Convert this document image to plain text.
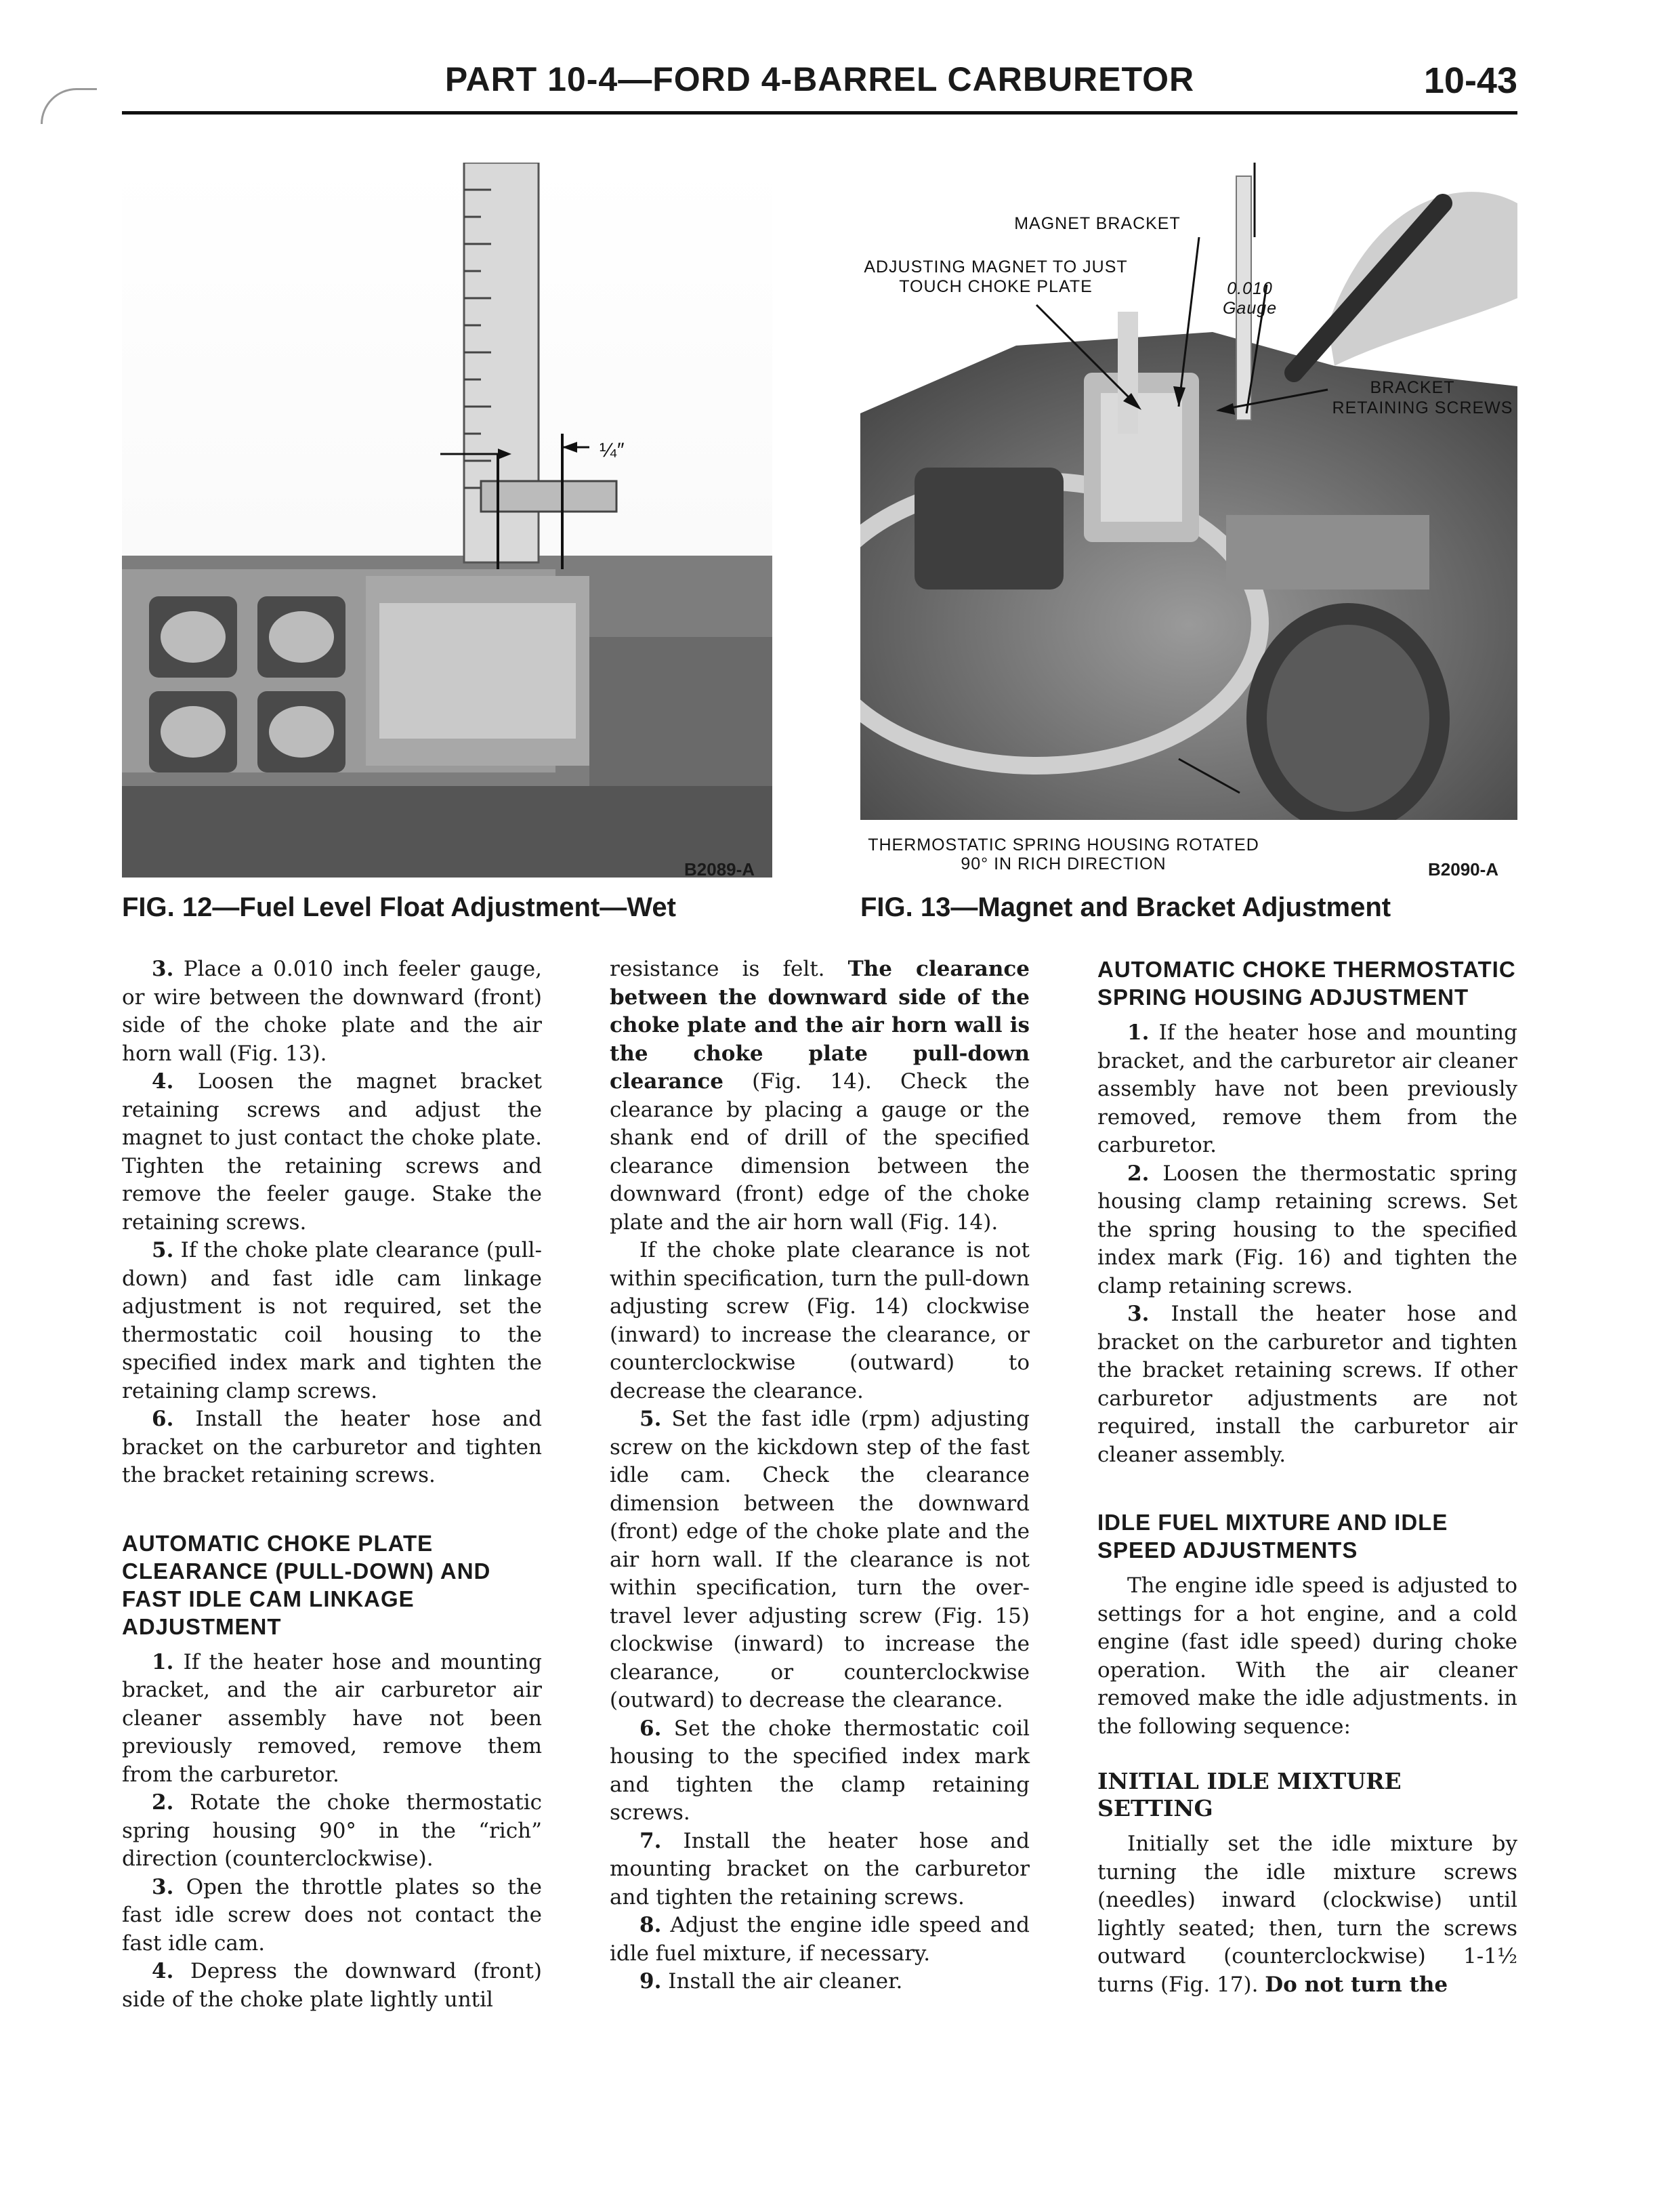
PART 10-4—FORD 4-BARREL CARBURETOR	10-43
¼″
B2089-A
FIG. 12—Fuel Level Float Adjustment—Wet
MAGNET BRACKET
ADJUSTING MAGNET TO JUST TOUCH CHOKE PLATE	0.010
Gauge
BRACKET
RETAINING SCREWS
THERMOSTATIC SPRING HOUSING ROTATED
90° IN RICH DIRECTION	B2090-A
FIG. 13—Magnet and Bracket Adjustment

3. Place a 0.010 inch feeler gauge, or wire between the downward (front) side of the choke plate and the air horn wall (Fig. 13).

4. Loosen the magnet bracket retaining screws and adjust the magnet to just contact the choke plate. Tighten the retaining screws and remove the feeler gauge. Stake the retaining screws.

5. If the choke plate clearance (pull-down) and fast idle cam linkage adjustment is not required, set the thermostatic coil housing to the specified index mark and tighten the retaining clamp screws.

6. Install the heater hose and bracket on the carburetor and tighten the bracket retaining screws.

AUTOMATIC CHOKE PLATE CLEARANCE (PULL-DOWN) AND FAST IDLE CAM LINKAGE ADJUSTMENT

1. If the heater hose and mounting bracket, and the air carburetor air cleaner assembly have not been previously removed, remove them from the carburetor.

2. Rotate the choke thermostatic spring housing 90° in the “rich” direction (counterclockwise).

3. Open the throttle plates so the fast idle screw does not contact the fast idle cam.

4. Depress the downward (front) side of the choke plate lightly until

resistance is felt. The clearance between the downward side of the choke plate and the air horn wall is the choke plate pull-down clearance (Fig. 14). Check the clearance by placing a gauge or the shank end of drill of the specified clearance dimension between the downward (front) edge of the choke plate and the air horn wall (Fig. 14).

If the choke plate clearance is not within specification, turn the pull-down adjusting screw (Fig. 14) clockwise (inward) to increase the clearance, or counterclockwise (outward) to decrease the clearance.

5. Set the fast idle (rpm) adjusting screw on the kickdown step of the fast idle cam. Check the clearance dimension between the downward (front) edge of the choke plate and the air horn wall. If the clearance is not within specification, turn the over-travel lever adjusting screw (Fig. 15) clockwise (inward) to increase the clearance, or counterclockwise (outward) to decrease the clearance.

6. Set the choke thermostatic coil housing to the specified index mark and tighten the clamp retaining screws.

7. Install the heater hose and mounting bracket on the carburetor and tighten the retaining screws.

8. Adjust the engine idle speed and idle fuel mixture, if necessary.

9. Install the air cleaner.

AUTOMATIC CHOKE THERMOSTATIC SPRING HOUSING ADJUSTMENT

1. If the heater hose and mounting bracket, and the carburetor air cleaner assembly have not been previously removed, remove them from the carburetor.

2. Loosen the thermostatic spring housing clamp retaining screws. Set the spring housing to the specified index mark (Fig. 16) and tighten the clamp retaining screws.

3. Install the heater hose and bracket on the carburetor and tighten the bracket retaining screws. If other carburetor adjustments are not required, install the carburetor air cleaner assembly.

IDLE FUEL MIXTURE AND IDLE SPEED ADJUSTMENTS

The engine idle speed is adjusted to settings for a hot engine, and a cold engine (fast idle speed) during choke operation. With the air cleaner removed make the idle adjustments. in the following sequence:

INITIAL IDLE MIXTURE SETTING

Initially set the idle mixture by turning the idle mixture screws (needles) inward (clockwise) until lightly seated; then, turn the screws outward (counterclockwise) 1-1½ turns (Fig. 17). Do not turn the
